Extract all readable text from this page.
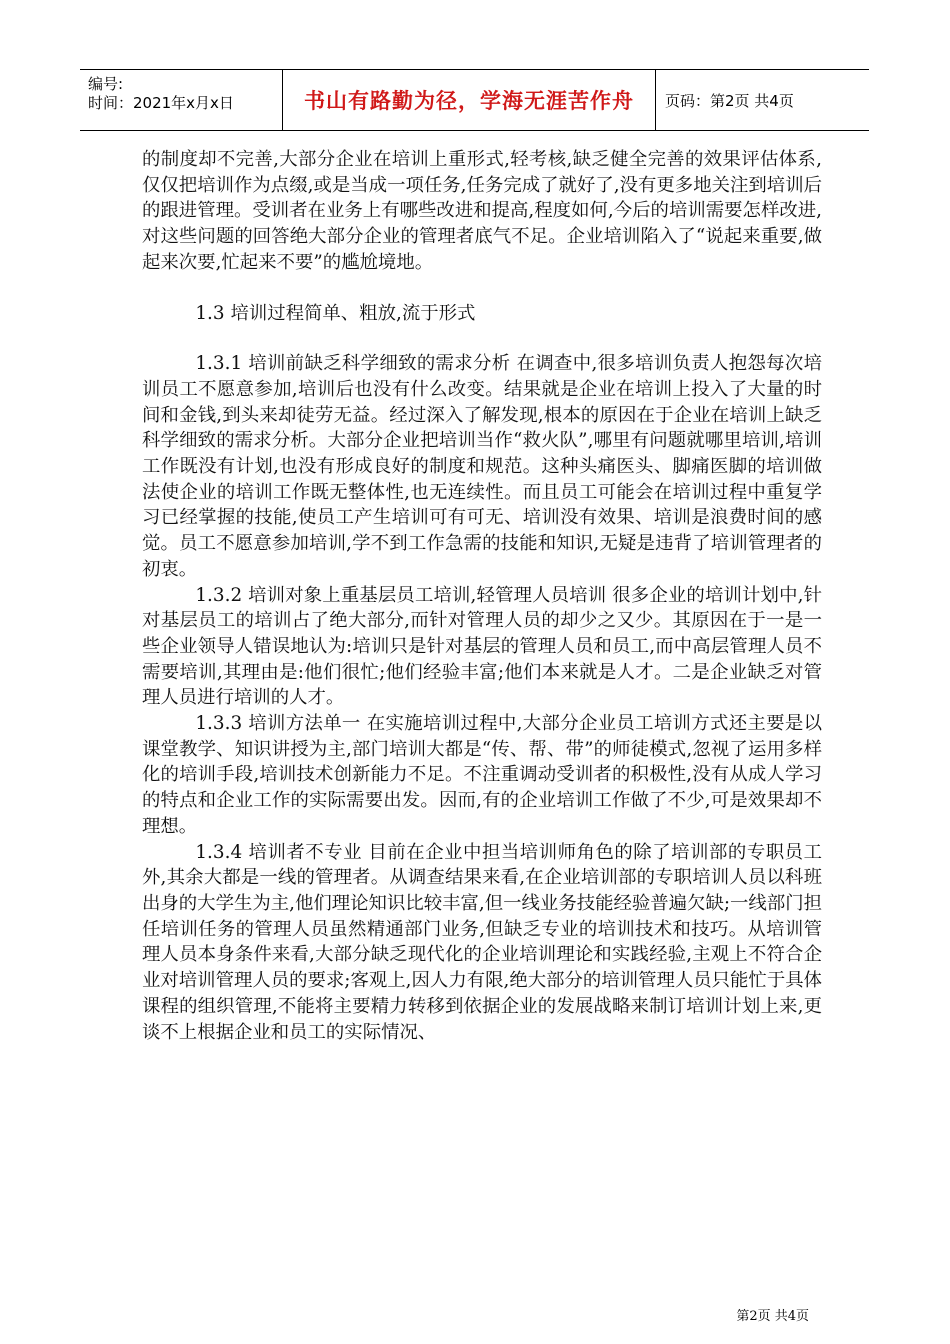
编号:
时间：2021年x月x日	书山有路勤为径，学海无涯苦作舟 页码：第2页 共4页

的制度却不完善,大部分企业在培训上重形式,轻考核,缺乏健全完善的效果评估体系,仅仅把培训作为点缀,或是当成一项任务,任务完成了就好了,没有更多地关注到培训后的跟进管理。受训者在业务上有哪些改进和提高,程度如何,今后的培训需要怎样改进,对这些问题的回答绝大部分企业的管理者底气不足。企业培训陷入了“说起来重要,做起来次要,忙起来不要”的尴尬境地。

1.3 培训过程简单、粗放,流于形式

1.3.1 培训前缺乏科学细致的需求分析 在调查中,很多培训负责人抱怨每次培训员工不愿意参加,培训后也没有什么改变。结果就是企业在培训上投入了大量的时间和金钱,到头来却徒劳无益。经过深入了解发现,根本的原因在于企业在培训上缺乏科学细致的需求分析。大部分企业把培训当作“救火队”,哪里有问题就哪里培训,培训工作既没有计划,也没有形成良好的制度和规范。这种头痛医头、脚痛医脚的培训做法使企业的培训工作既无整体性,也无连续性。而且员工可能会在培训过程中重复学习已经掌握的技能,使员工产生培训可有可无、培训没有效果、培训是浪费时间的感觉。员工不愿意参加培训,学不到工作急需的技能和知识,无疑是违背了培训管理者的初衷。

1.3.2 培训对象上重基层员工培训,轻管理人员培训 很多企业的培训计划中,针对基层员工的培训占了绝大部分,而针对管理人员的却少之又少。其原因在于一是一些企业领导人错误地认为:培训只是针对基层的管理人员和员工,而中高层管理人员不需要培训,其理由是:他们很忙;他们经验丰富;他们本来就是人才。二是企业缺乏对管理人员进行培训的人才。

1.3.3 培训方法单一 在实施培训过程中,大部分企业员工培训方式还主要是以课堂教学、知识讲授为主,部门培训大都是“传、帮、带”的师徒模式,忽视了运用多样化的培训手段,培训技术创新能力不足。不注重调动受训者的积极性,没有从成人学习的特点和企业工作的实际需要出发。因而,有的企业培训工作做了不少,可是效果却不理想。

1.3.4 培训者不专业 目前在企业中担当培训师角色的除了培训部的专职员工外,其余大都是一线的管理者。从调查结果来看,在企业培训部的专职培训人员以科班出身的大学生为主,他们理论知识比较丰富,但一线业务技能经验普遍欠缺;一线部门担任培训任务的管理人员虽然精通部门业务,但缺乏专业的培训技术和技巧。从培训管理人员本身条件来看,大部分缺乏现代化的企业培训理论和实践经验,主观上不符合企业对培训管理人员的要求;客观上,因人力有限,绝大部分的培训管理人员只能忙于具体课程的组织管理,不能将主要精力转移到依据企业的发展战略来制订培训计划上来,更谈不上根据企业和员工的实际情况、

第2页 共4页
